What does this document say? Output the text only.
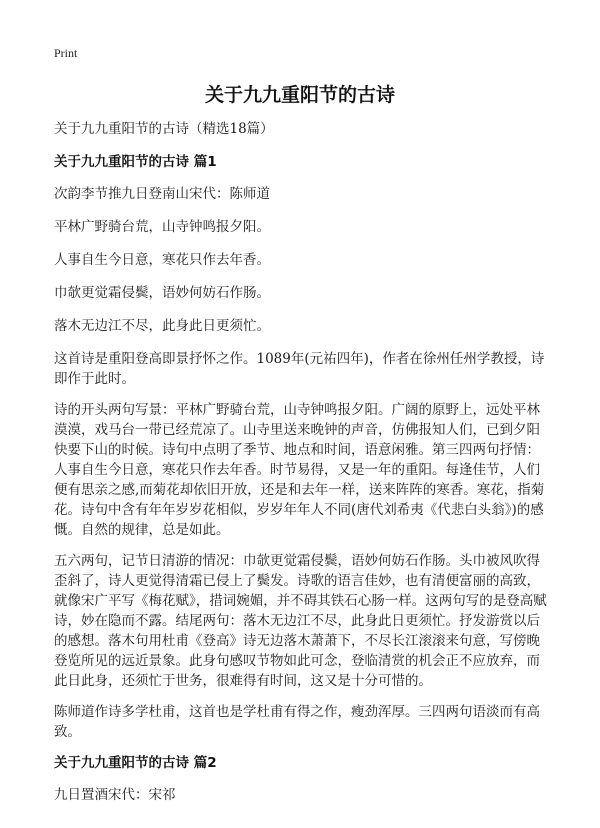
Print
关于九九重阳节的古诗

关于九九重阳节的古诗（精选18篇）

关于九九重阳节的古诗 篇1

次韵李节推九日登南山宋代：陈师道

平林广野骑台荒，山寺钟鸣报夕阳。

人事自生今日意，寒花只作去年香。

巾欹更觉霜侵鬓，语妙何妨石作肠。

落木无边江不尽，此身此日更须忙。

这首诗是重阳登高即景抒怀之作。1089年(元祐四年)，作者在徐州任州学教授，诗即作于此时。

诗的开头两句写景：平林广野骑台荒，山寺钟鸣报夕阳。广阔的原野上，远处平林漠漠，戏马台一带已经荒凉了。山寺里送来晚钟的声音，仿佛报知人们，已到夕阳快要下山的时候。诗句中点明了季节、地点和时间，语意闲雅。第三四两句抒情：人事自生今日意，寒花只作去年香。时节易得，又是一年的重阳。每逢佳节，人们便有思亲之感,而菊花却依旧开放，还是和去年一样，送来阵阵的寒香。寒花，指菊花。诗句中含有年年岁岁花相似，岁岁年年人不同(唐代刘希夷《代悲白头翁》)的感慨。自然的规律，总是如此。

五六两句，记节日清游的情况：巾欹更觉霜侵鬓，语妙何妨石作肠。头巾被风吹得歪斜了，诗人更觉得清霜已侵上了鬓发。诗歌的语言佳妙，也有清便富丽的高致，就像宋广平写《梅花赋》，措词婉媚，并不碍其铁石心肠一样。这两句写的是登高赋诗，妙在隐而不露。结尾两句：落木无边江不尽，此身此日更须忙。抒发游赏以后的感想。落木句用杜甫《登高》诗无边落木萧萧下，不尽长江滚滚来句意，写傍晚登览所见的远近景象。此身句感叹节物如此可念，登临清赏的机会正不应放弃，而此日此身，还须忙于世务，很难得有时间，这又是十分可惜的。

陈师道作诗多学杜甫，这首也是学杜甫有得之作，瘦劲浑厚。三四两句语淡而有高致。

关于九九重阳节的古诗 篇2

九日置酒宋代：宋祁
